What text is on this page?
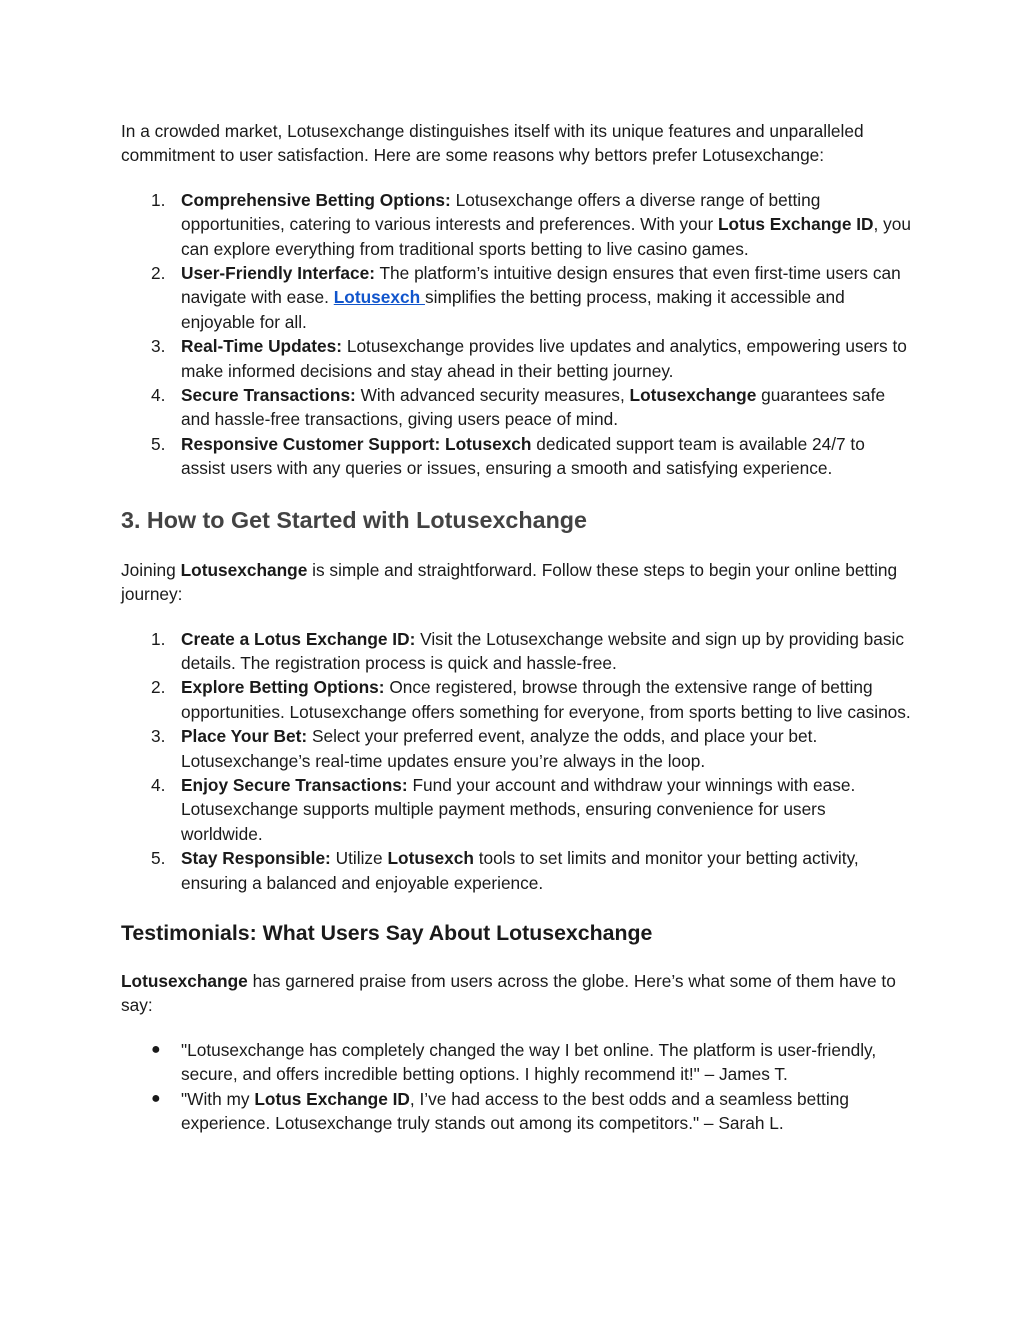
In a crowded market, Lotusexchange distinguishes itself with its unique features and unparalleled commitment to user satisfaction. Here are some reasons why bettors prefer Lotusexchange:

1. Comprehensive Betting Options: Lotusexchange offers a diverse range of betting opportunities, catering to various interests and preferences. With your Lotus Exchange ID, you can explore everything from traditional sports betting to live casino games.
2. User-Friendly Interface: The platform’s intuitive design ensures that even first-time users can navigate with ease. Lotusexch simplifies the betting process, making it accessible and enjoyable for all.
3. Real-Time Updates: Lotusexchange provides live updates and analytics, empowering users to make informed decisions and stay ahead in their betting journey.
4. Secure Transactions: With advanced security measures, Lotusexchange guarantees safe and hassle-free transactions, giving users peace of mind.
5. Responsive Customer Support: Lotusexch dedicated support team is available 24/7 to assist users with any queries or issues, ensuring a smooth and satisfying experience.
3. How to Get Started with Lotusexchange

Joining Lotusexchange is simple and straightforward. Follow these steps to begin your online betting journey:

1. Create a Lotus Exchange ID: Visit the Lotusexchange website and sign up by providing basic details. The registration process is quick and hassle-free.
2. Explore Betting Options: Once registered, browse through the extensive range of betting opportunities. Lotusexchange offers something for everyone, from sports betting to live casinos.
3. Place Your Bet: Select your preferred event, analyze the odds, and place your bet. Lotusexchange’s real-time updates ensure you’re always in the loop.
4. Enjoy Secure Transactions: Fund your account and withdraw your winnings with ease. Lotusexchange supports multiple payment methods, ensuring convenience for users worldwide.
5. Stay Responsible: Utilize Lotusexch tools to set limits and monitor your betting activity, ensuring a balanced and enjoyable experience.
Testimonials: What Users Say About Lotusexchange

Lotusexchange has garnered praise from users across the globe. Here’s what some of them have to say:

● "Lotusexchange has completely changed the way I bet online. The platform is user-friendly, secure, and offers incredible betting options. I highly recommend it!" – James T.
● "With my Lotus Exchange ID, I’ve had access to the best odds and a seamless betting experience. Lotusexchange truly stands out among its competitors." – Sarah L.
